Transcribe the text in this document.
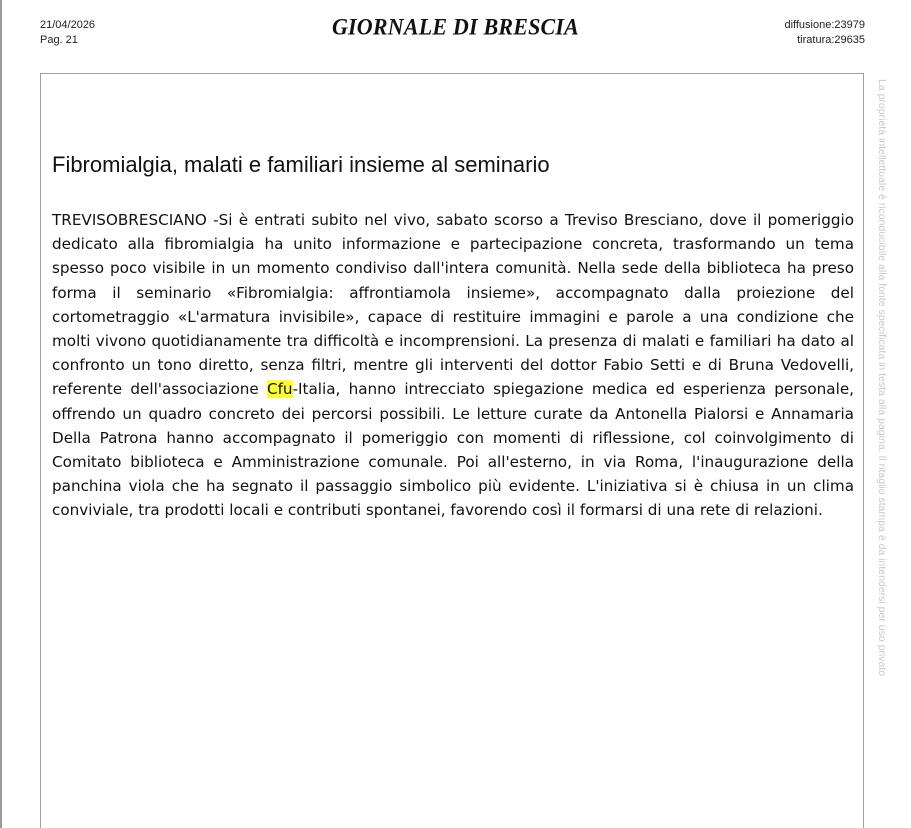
21/04/2026
Pag. 21
GIORNALE DI BRESCIA	diffusione:23979
tiratura:29635
Fibromialgia, malati e familiari insieme al seminario

TREVISOBRESCIANO -Si è entrati subito nel vivo, sabato scorso a Treviso Bresciano, dove il pomeriggio dedicato alla fibromialgia ha unito informazione e partecipazione concreta, trasformando un tema spesso poco visibile in un momento condiviso dall'intera comunità. Nella sede della biblioteca ha preso forma il seminario «Fibromialgia: affrontiamola insieme», accompagnato dalla proiezione del cortometraggio «L'armatura invisibile», capace di restituire immagini e parole a una condizione che molti vivono quotidianamente tra difficoltà e incomprensioni. La presenza di malati e familiari ha dato al confronto un tono diretto, senza filtri, mentre gli interventi del dottor Fabio Setti e di Bruna Vedovelli, referente dell'associazione Cfu-Italia, hanno intrecciato spiegazione medica ed esperienza personale, offrendo un quadro concreto dei percorsi possibili. Le letture curate da Antonella Pialorsi e Annamaria Della Patrona hanno accompagnato il pomeriggio con momenti di riflessione, col coinvolgimento di Comitato biblioteca e Amministrazione comunale. Poi all'esterno, in via Roma, l'inaugurazione della panchina viola che ha segnato il passaggio simbolico più evidente. L'iniziativa si è chiusa in un clima conviviale, tra prodotti locali e contributi spontanei, favorendo così il formarsi di una rete di relazioni.	La proprietà intellettuale è riconducibile alla fonte specificata in testa alla pagina. Il ritaglio stampa è da intendersi per uso privato
